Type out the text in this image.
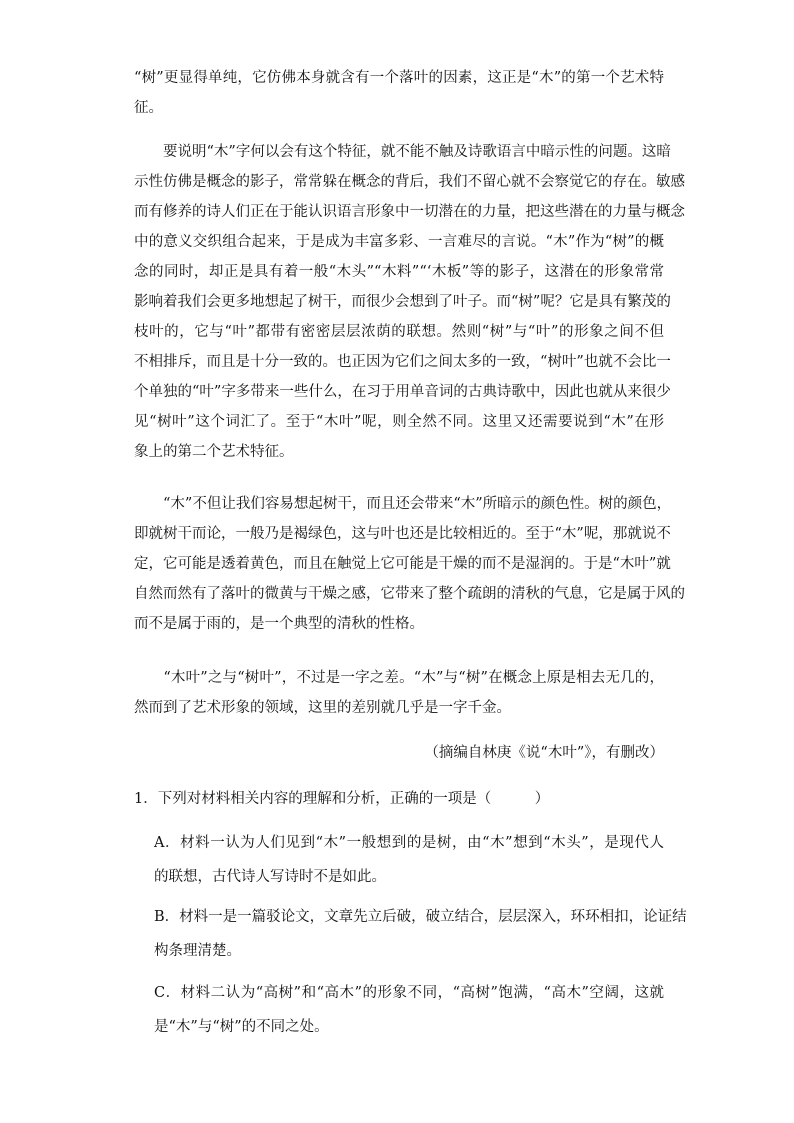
“树”更显得单纯，它仿佛本身就含有一个落叶的因素，这正是“木”的第一个艺术特
征。

　　要说明“木”字何以会有这个特征，就不能不触及诗歌语言中暗示性的问题。这暗
示性仿佛是概念的影子，常常躲在概念的背后，我们不留心就不会察觉它的存在。敏感
而有修养的诗人们正在于能认识语言形象中一切潜在的力量，把这些潜在的力量与概念
中的意义交织组合起来，于是成为丰富多彩、一言难尽的言说。“木”作为“树”的概
念的同时，却正是具有着一般“木头”“木料”“‘木板”等的影子，这潜在的形象常常
影响着我们会更多地想起了树干，而很少会想到了叶子。而“树”呢？它是具有繁茂的
枝叶的，它与“叶”都带有密密层层浓荫的联想。然则“树”与“叶”的形象之间不但
不相排斥，而且是十分一致的。也正因为它们之间太多的一致，“树叶”也就不会比一
个单独的“叶”字多带来一些什么，在习于用单音词的古典诗歌中，因此也就从来很少
见“树叶”这个词汇了。至于“木叶”呢，则全然不同。这里又还需要说到“木”在形
象上的第二个艺术特征。

　　“木”不但让我们容易想起树干，而且还会带来“木”所暗示的颜色性。树的颜色，
即就树干而论，一般乃是褐绿色，这与叶也还是比较相近的。至于“木”呢，那就说不
定，它可能是透着黄色，而且在触觉上它可能是干燥的而不是湿润的。于是“木叶”就
自然而然有了落叶的微黄与干燥之感，它带来了整个疏朗的清秋的气息，它是属于风的
而不是属于雨的，是一个典型的清秋的性格。

　　“木叶”之与“树叶”，不过是一字之差。“木”与“树”在概念上原是相去无几的，
然而到了艺术形象的领域，这里的差别就几乎是一字千金。

（摘编自林庚《说“木叶”》，有删改）
1．下列对材料相关内容的理解和分析，正确的一项是（　　　）

A．材料一认为人们见到“木”一般想到的是树，由“木”想到“木头”，是现代人
的联想，古代诗人写诗时不是如此。

B．材料一是一篇驳论文，文章先立后破，破立结合，层层深入，环环相扣，论证结
构条理清楚。

C．材料二认为“高树”和“高木”的形象不同，“高树”饱满，“高木”空阔，这就
是“木”与“树”的不同之处。
